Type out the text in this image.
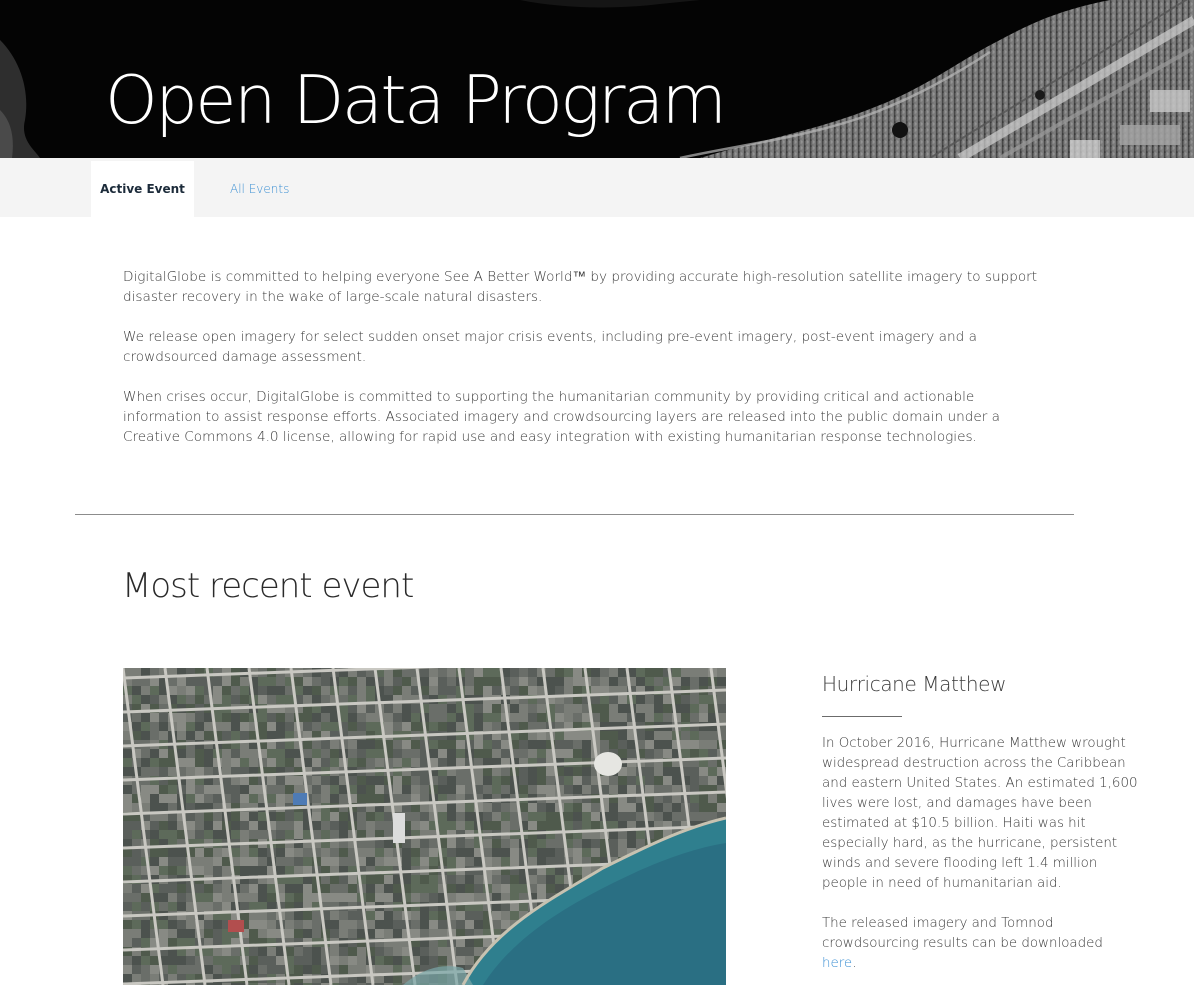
Open Data Program
Active Event	All Events

DigitalGlobe is committed to helping everyone See A Better World™ by providing accurate high-resolution satellite imagery to support disaster recovery in the wake of large-scale natural disasters.

We release open imagery for select sudden onset major crisis events, including pre-event imagery, post-event imagery and a crowdsourced damage assessment.

When crises occur, DigitalGlobe is committed to supporting the humanitarian community by providing critical and actionable information to assist response efforts. Associated imagery and crowdsourcing layers are released into the public domain under a Creative Commons 4.0 license, allowing for rapid use and easy integration with existing humanitarian response technologies.

Most recent event
Hurricane Matthew

In October 2016, Hurricane Matthew wrought widespread destruction across the Caribbean and eastern United States. An estimated 1,600 lives were lost, and damages have been estimated at $10.5 billion. Haiti was hit especially hard, as the hurricane, persistent winds and severe flooding left 1.4 million people in need of humanitarian aid.

The released imagery and Tomnod crowdsourcing results can be downloaded here.
